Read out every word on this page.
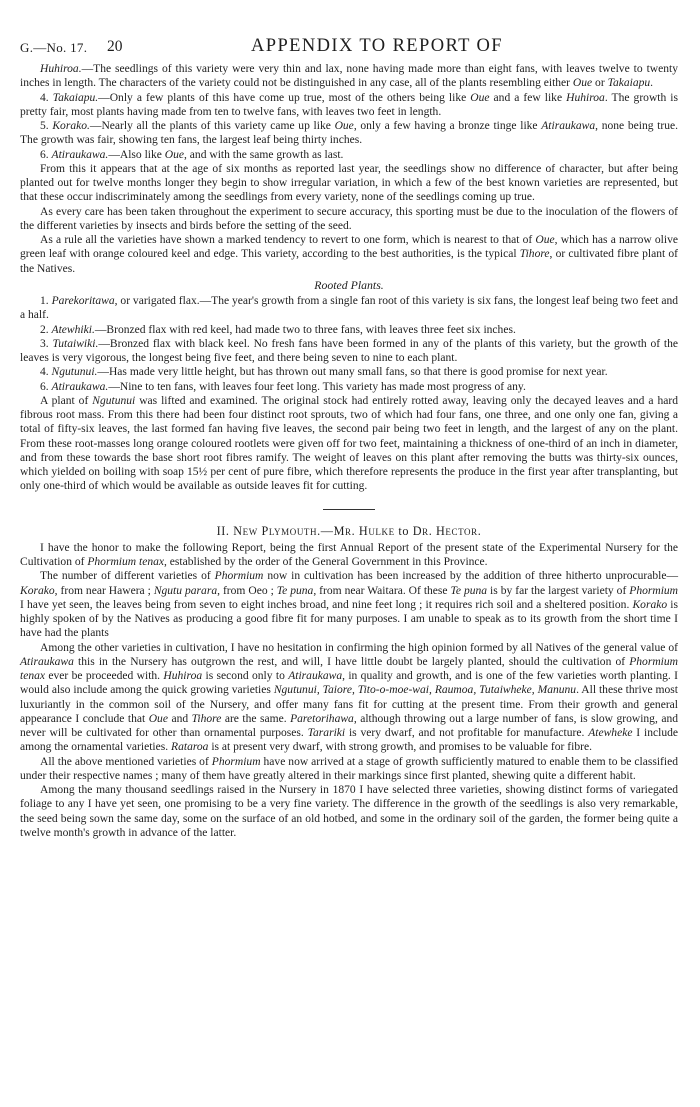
G.—No. 17. 20	APPENDIX TO REPORT OF

Huhiroa.—The seedlings of this variety were very thin and lax, none having made more than eight fans, with leaves twelve to twenty inches in length. The characters of the variety could not be distinguished in any case, all of the plants resembling either Oue or Takaiapu.

4. Takaiapu.—Only a few plants of this have come up true, most of the others being like Oue and a few like Huhiroa. The growth is pretty fair, most plants having made from ten to twelve fans, with leaves two feet in length.

5. Korako.—Nearly all the plants of this variety came up like Oue, only a few having a bronze tinge like Atiraukawa, none being true. The growth was fair, showing ten fans, the largest leaf being thirty inches.

6. Atiraukawa.—Also like Oue, and with the same growth as last.

From this it appears that at the age of six months as reported last year, the seedlings show no difference of character, but after being planted out for twelve months longer they begin to show irregular variation, in which a few of the best known varieties are represented, but that these occur indiscriminately among the seedlings from every variety, none of the seedlings coming up true.

As every care has been taken throughout the experiment to secure accuracy, this sporting must be due to the inoculation of the flowers of the different varieties by insects and birds before the setting of the seed.

As a rule all the varieties have shown a marked tendency to revert to one form, which is nearest to that of Oue, which has a narrow olive green leaf with orange coloured keel and edge. This variety, according to the best authorities, is the typical Tihore, or cultivated fibre plant of the Natives.

Rooted Plants.

1. Parekoritawa, or varigated flax.—The year's growth from a single fan root of this variety is six fans, the longest leaf being two feet and a half.

2. Atewhiki.—Bronzed flax with red keel, had made two to three fans, with leaves three feet six inches.

3. Tutaiwiki.—Bronzed flax with black keel. No fresh fans have been formed in any of the plants of this variety, but the growth of the leaves is very vigorous, the longest being five feet, and there being seven to nine to each plant.

4. Ngutunui.—Has made very little height, but has thrown out many small fans, so that there is good promise for next year.

6. Atiraukawa.—Nine to ten fans, with leaves four feet long. This variety has made most progress of any.

A plant of Ngutunui was lifted and examined. The original stock had entirely rotted away, leaving only the decayed leaves and a hard fibrous root mass. From this there had been four distinct root sprouts, two of which had four fans, one three, and one only one fan, giving a total of fifty-six leaves, the last formed fan having five leaves, the second pair being two feet in length, and the largest of any on the plant. From these root-masses long orange coloured rootlets were given off for two feet, maintaining a thickness of one-third of an inch in diameter, and from these towards the base short root fibres ramify. The weight of leaves on this plant after removing the butts was thirty-six ounces, which yielded on boiling with soap 15½ per cent of pure fibre, which therefore represents the produce in the first year after transplanting, but only one-third of which would be available as outside leaves fit for cutting.

II. New Plymouth.—Mr. Hulke to Dr. Hector.

I have the honor to make the following Report, being the first Annual Report of the present state of the Experimental Nursery for the Cultivation of Phormium tenax, established by the order of the General Government in this Province.

The number of different varieties of Phormium now in cultivation has been increased by the addition of three hitherto unprocurable—Korako, from near Hawera ; Ngutu parara, from Oeo ; Te puna, from near Waitara. Of these Te puna is by far the largest variety of Phormium I have yet seen, the leaves being from seven to eight inches broad, and nine feet long ; it requires rich soil and a sheltered position. Korako is highly spoken of by the Natives as producing a good fibre fit for many purposes. I am unable to speak as to its growth from the short time I have had the plants

Among the other varieties in cultivation, I have no hesitation in confirming the high opinion formed by all Natives of the general value of Atiraukawa this in the Nursery has outgrown the rest, and will, I have little doubt be largely planted, should the cultivation of Phormium tenax ever be proceeded with. Huhiroa is second only to Atiraukawa, in quality and growth, and is one of the few varieties worth planting. I would also include among the quick growing varieties Ngutunui, Taiore, Tito-o-moe-wai, Raumoa, Tutaiwheke, Manunu. All these thrive most luxuriantly in the common soil of the Nursery, and offer many fans fit for cutting at the present time. From their growth and general appearance I conclude that Oue and Tihore are the same. Paretorihawa, although throwing out a large number of fans, is slow growing, and never will be cultivated for other than ornamental purposes. Tarariki is very dwarf, and not profitable for manufacture. Atewheke I include among the ornamental varieties. Rataroa is at present very dwarf, with strong growth, and promises to be valuable for fibre.

All the above mentioned varieties of Phormium have now arrived at a stage of growth sufficiently matured to enable them to be classified under their respective names ; many of them have greatly altered in their markings since first planted, shewing quite a different habit.

Among the many thousand seedlings raised in the Nursery in 1870 I have selected three varieties, showing distinct forms of variegated foliage to any I have yet seen, one promising to be a very fine variety. The difference in the growth of the seedlings is also very remarkable, the seed being sown the same day, some on the surface of an old hotbed, and some in the ordinary soil of the garden, the former being quite a twelve month's growth in advance of the latter.
